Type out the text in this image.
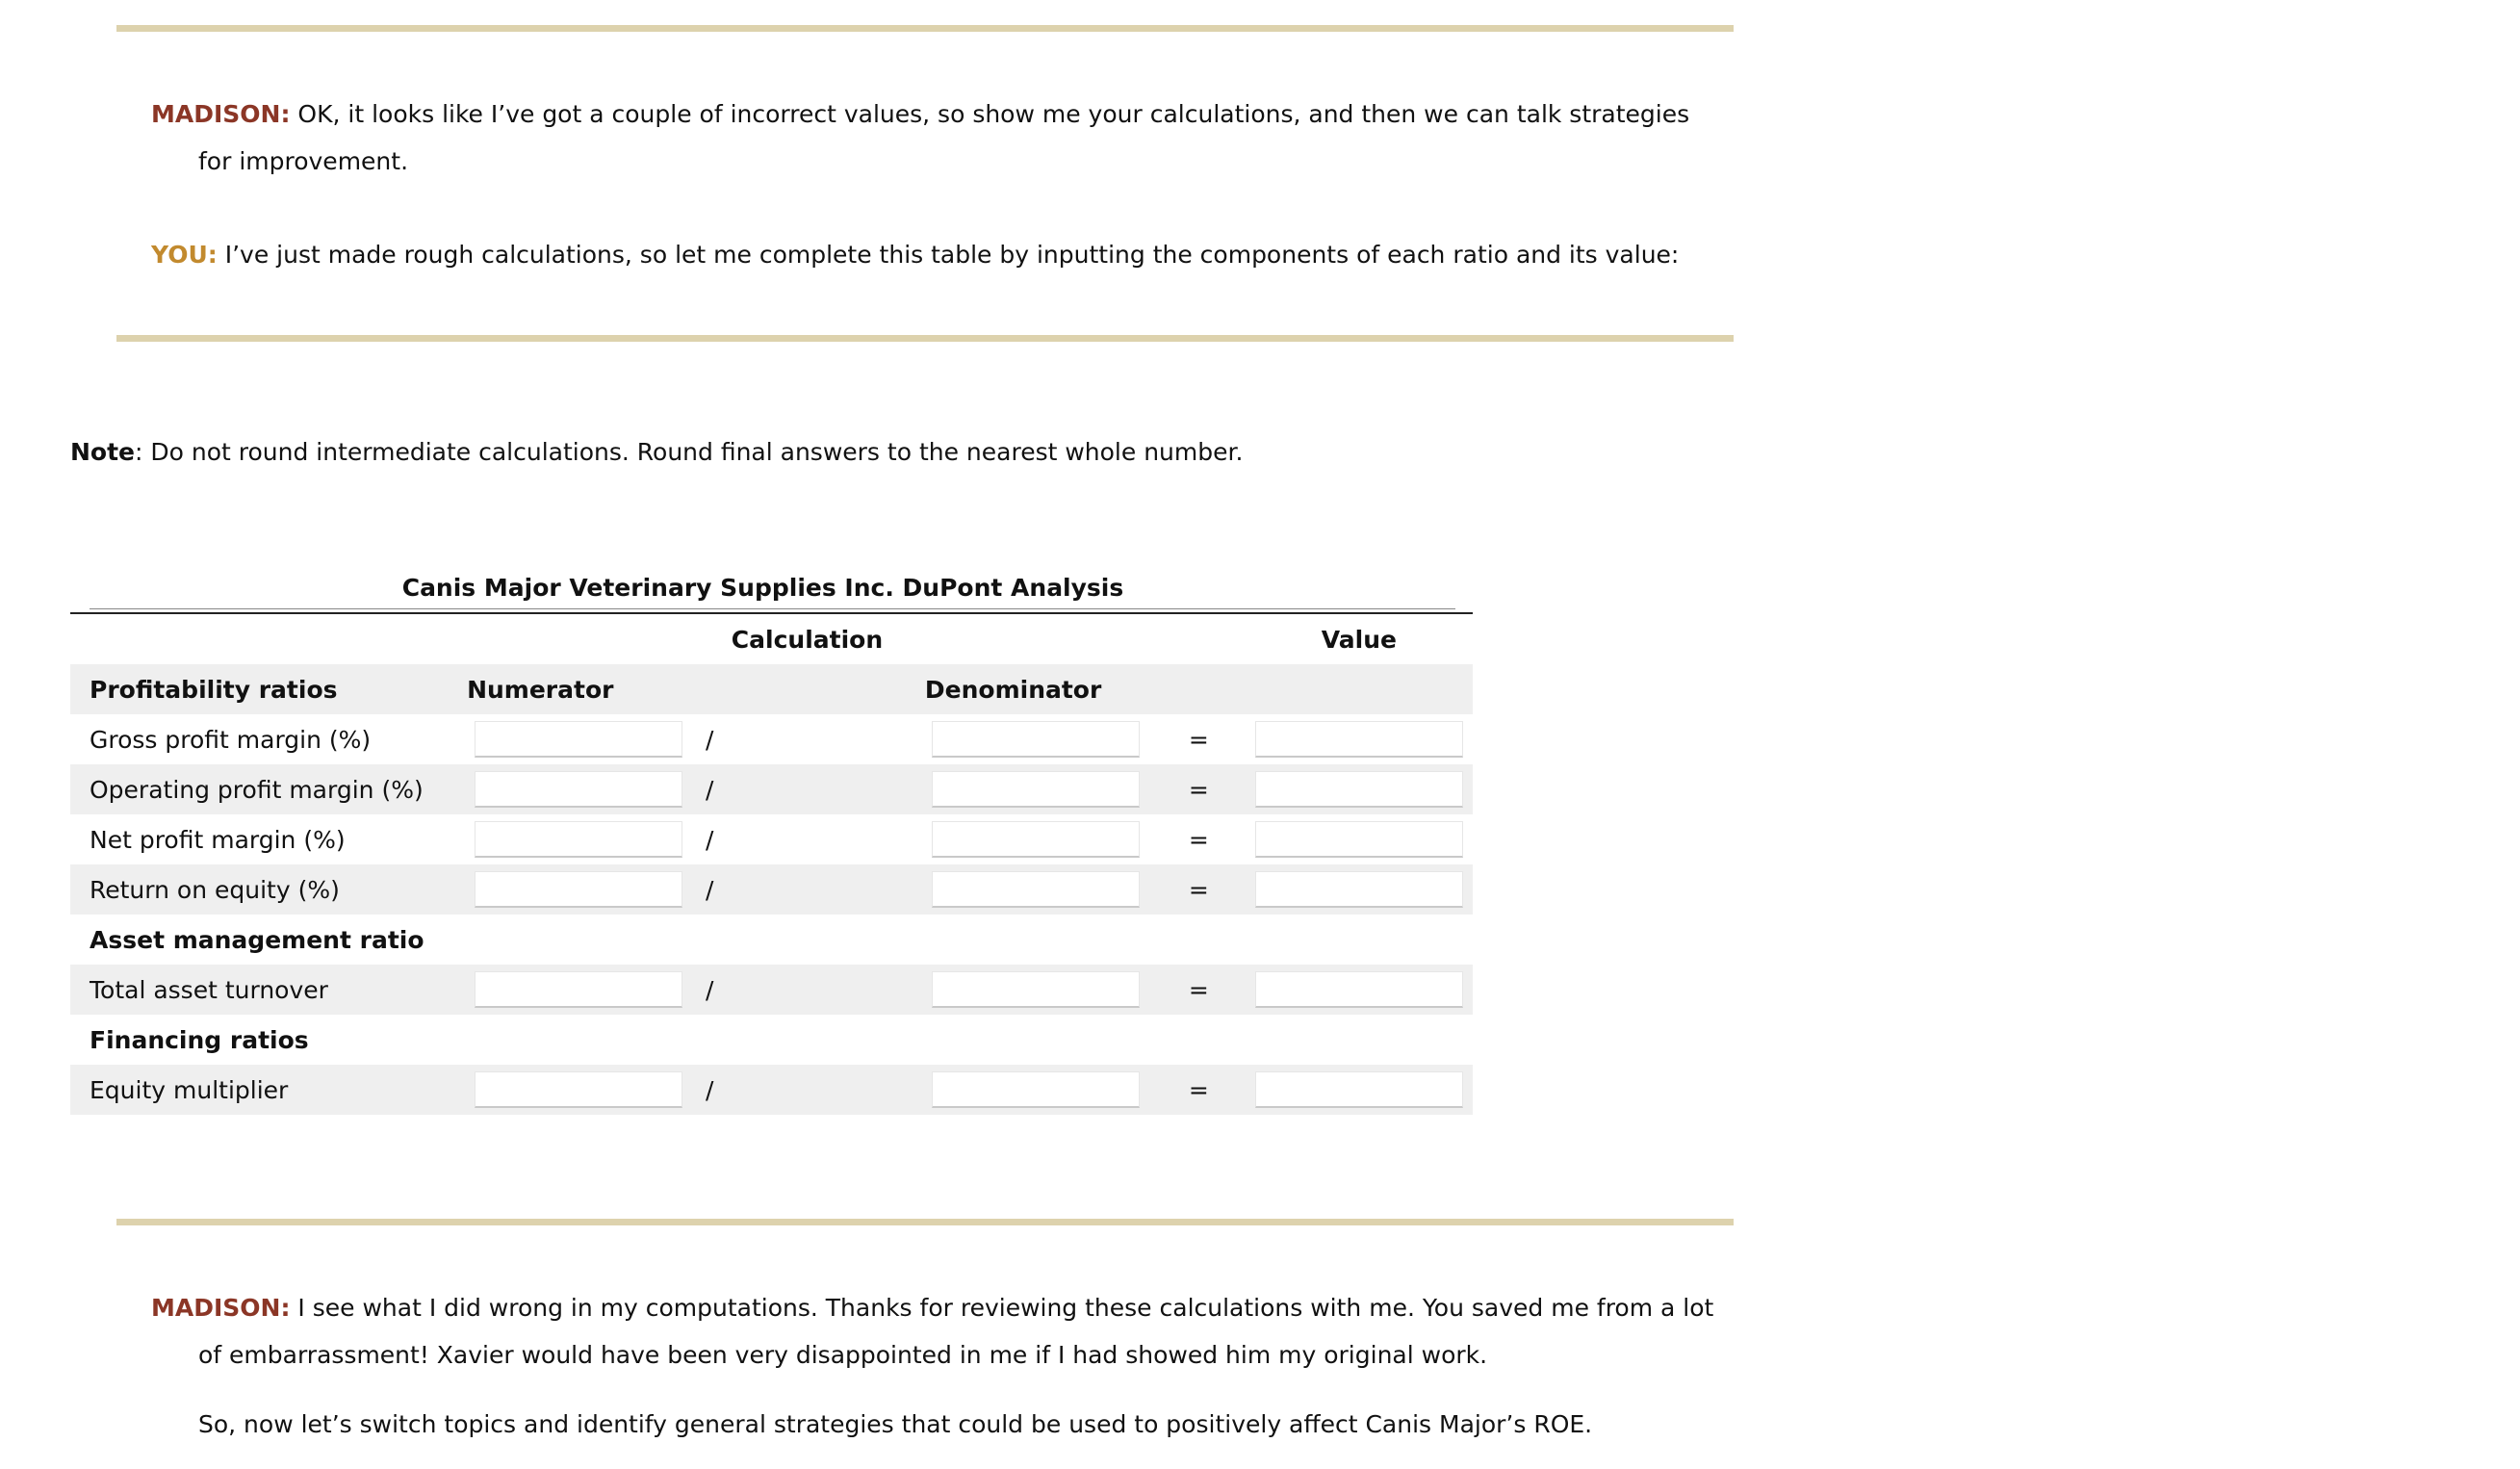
MADISON: OK, it looks like I’ve got a couple of incorrect values, so show me your calculations, and then we can talk strategies for improvement.

YOU: I’ve just made rough calculations, so let me complete this table by inputting the components of each ratio and its value:

Note: Do not round intermediate calculations. Round final answers to the nearest whole number.
Canis Major Veterinary Supplies Inc. DuPont Analysis
		Calculation			Value
Profitability ratios	Numerator		Denominator		
Gross profit margin (%)		/		=	
Operating profit margin (%)		/		=	
Net profit margin (%)		/		=	
Return on equity (%)		/		=	
Asset management ratio					
Total asset turnover		/		=	
Financing ratios					
Equity multiplier		/		=	

MADISON: I see what I did wrong in my computations. Thanks for reviewing these calculations with me. You saved me from a lot of embarrassment! Xavier would have been very disappointed in me if I had showed him my original work.

So, now let’s switch topics and identify general strategies that could be used to positively affect Canis Major’s ROE.
